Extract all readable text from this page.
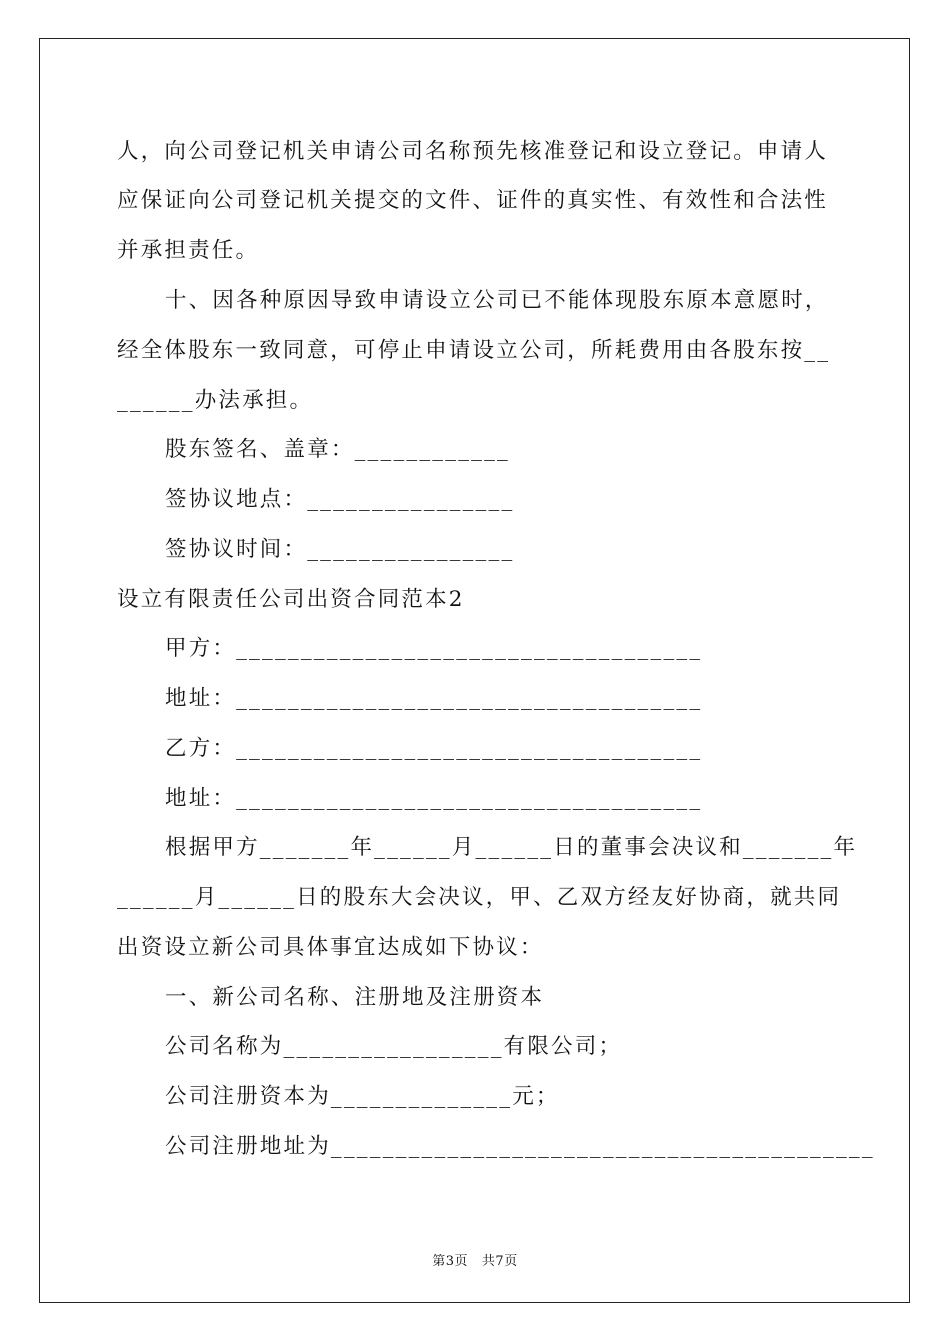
人，向公司登记机关申请公司名称预先核准登记和设立登记。申请人
应保证向公司登记机关提交的文件、证件的真实性、有效性和合法性
并承担责任。
十、因各种原因导致申请设立公司已不能体现股东原本意愿时，
经全体股东一致同意，可停止申请设立公司，所耗费用由各股东按__
______办法承担。
股东签名、盖章：____________
签协议地点：________________
签协议时间：________________
设立有限责任公司出资合同范本2
甲方：____________________________________
地址：____________________________________
乙方：____________________________________
地址：____________________________________
根据甲方_______年______月______日的董事会决议和_______年
______月______日的股东大会决议，甲、乙双方经友好协商，就共同
出资设立新公司具体事宜达成如下协议：
一、新公司名称、注册地及注册资本
公司名称为_________________有限公司；
公司注册资本为______________元；
公司注册地址为__________________________________________
第3页   共7页
